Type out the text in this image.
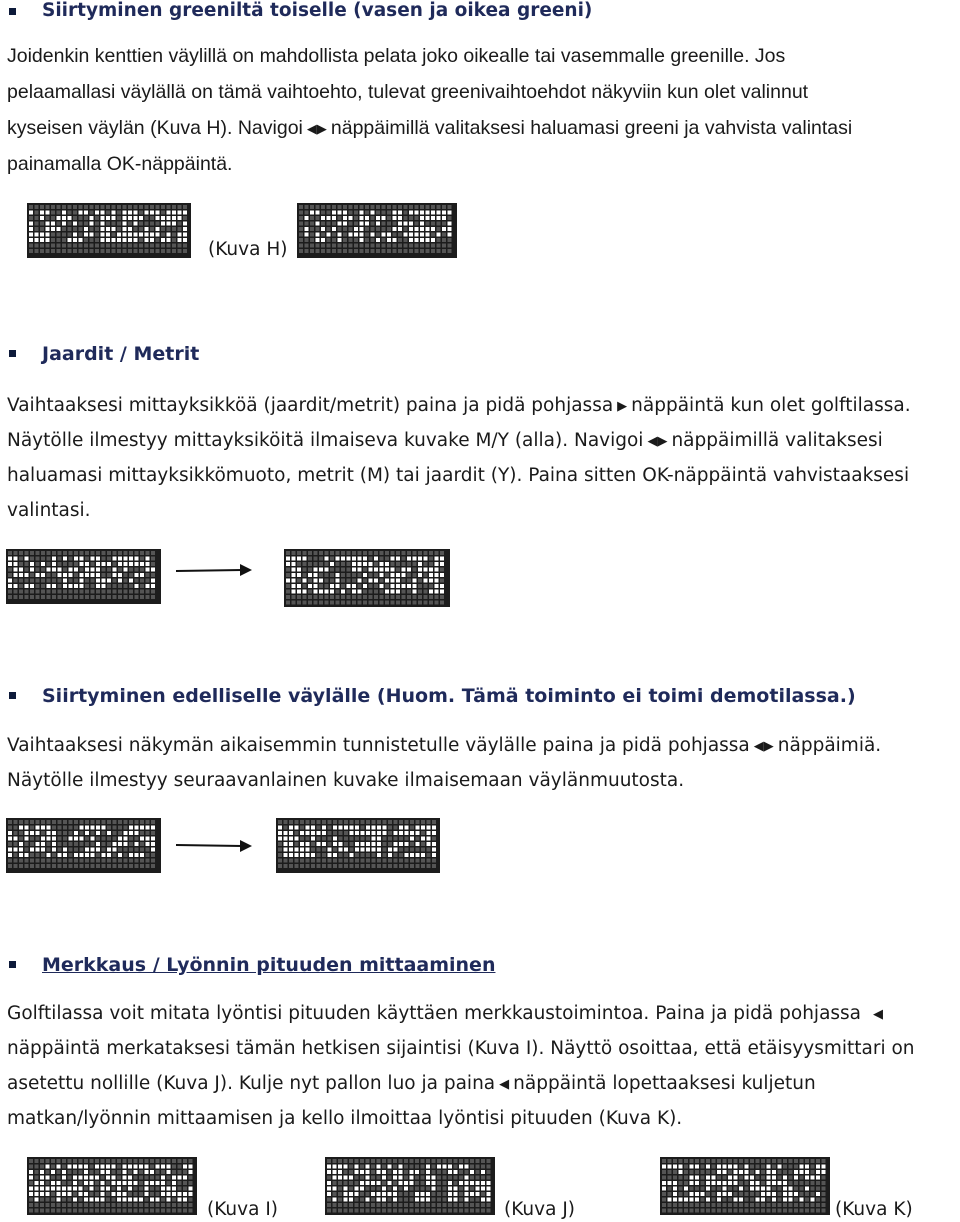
Siirtyminen greeniltä toiselle (vasen ja oikea greeni)
Joidenkin kenttien väylillä on mahdollista pelata joko oikealle tai vasemmalle greenille. Jos
pelaamallasi väylällä on tämä vaihtoehto, tulevat greenivaihtoehdot näkyviin kun olet valinnut
kyseisen väylän (Kuva H). Navigoi ◀▶ näppäimillä valitaksesi haluamasi greeni ja vahvista valintasi
painamalla OK-näppäintä.
(Kuva H)
Jaardit / Metrit
Vaihtaaksesi mittayksikköä (jaardit/metrit) paina ja pidä pohjassa ▶ näppäintä kun olet golftilassa.
Näytölle ilmestyy mittayksiköitä ilmaiseva kuvake M/Y (alla). Navigoi ◀▶ näppäimillä valitaksesi
haluamasi mittayksikkömuoto, metrit (M) tai jaardit (Y). Paina sitten OK-näppäintä vahvistaaksesi
valintasi.
Siirtyminen edelliselle väylälle (Huom. Tämä toiminto ei toimi demotilassa.)
Vaihtaaksesi näkymän aikaisemmin tunnistetulle väylälle paina ja pidä pohjassa ◀▶ näppäimiä.
Näytölle ilmestyy seuraavanlainen kuvake ilmaisemaan väylänmuutosta.
Merkkaus / Lyönnin pituuden mittaaminen
Golftilassa voit mitata lyöntisi pituuden käyttäen merkkaustoimintoa. Paina ja pidä pohjassa ◀
näppäintä merkataksesi tämän hetkisen sijaintisi (Kuva I). Näyttö osoittaa, että etäisyysmittari on
asetettu nollille (Kuva J). Kulje nyt pallon luo ja paina ◀ näppäintä lopettaaksesi kuljetun
matkan/lyönnin mittaamisen ja kello ilmoittaa lyöntisi pituuden (Kuva K).
(Kuva I)	(Kuva J)	(Kuva K)
